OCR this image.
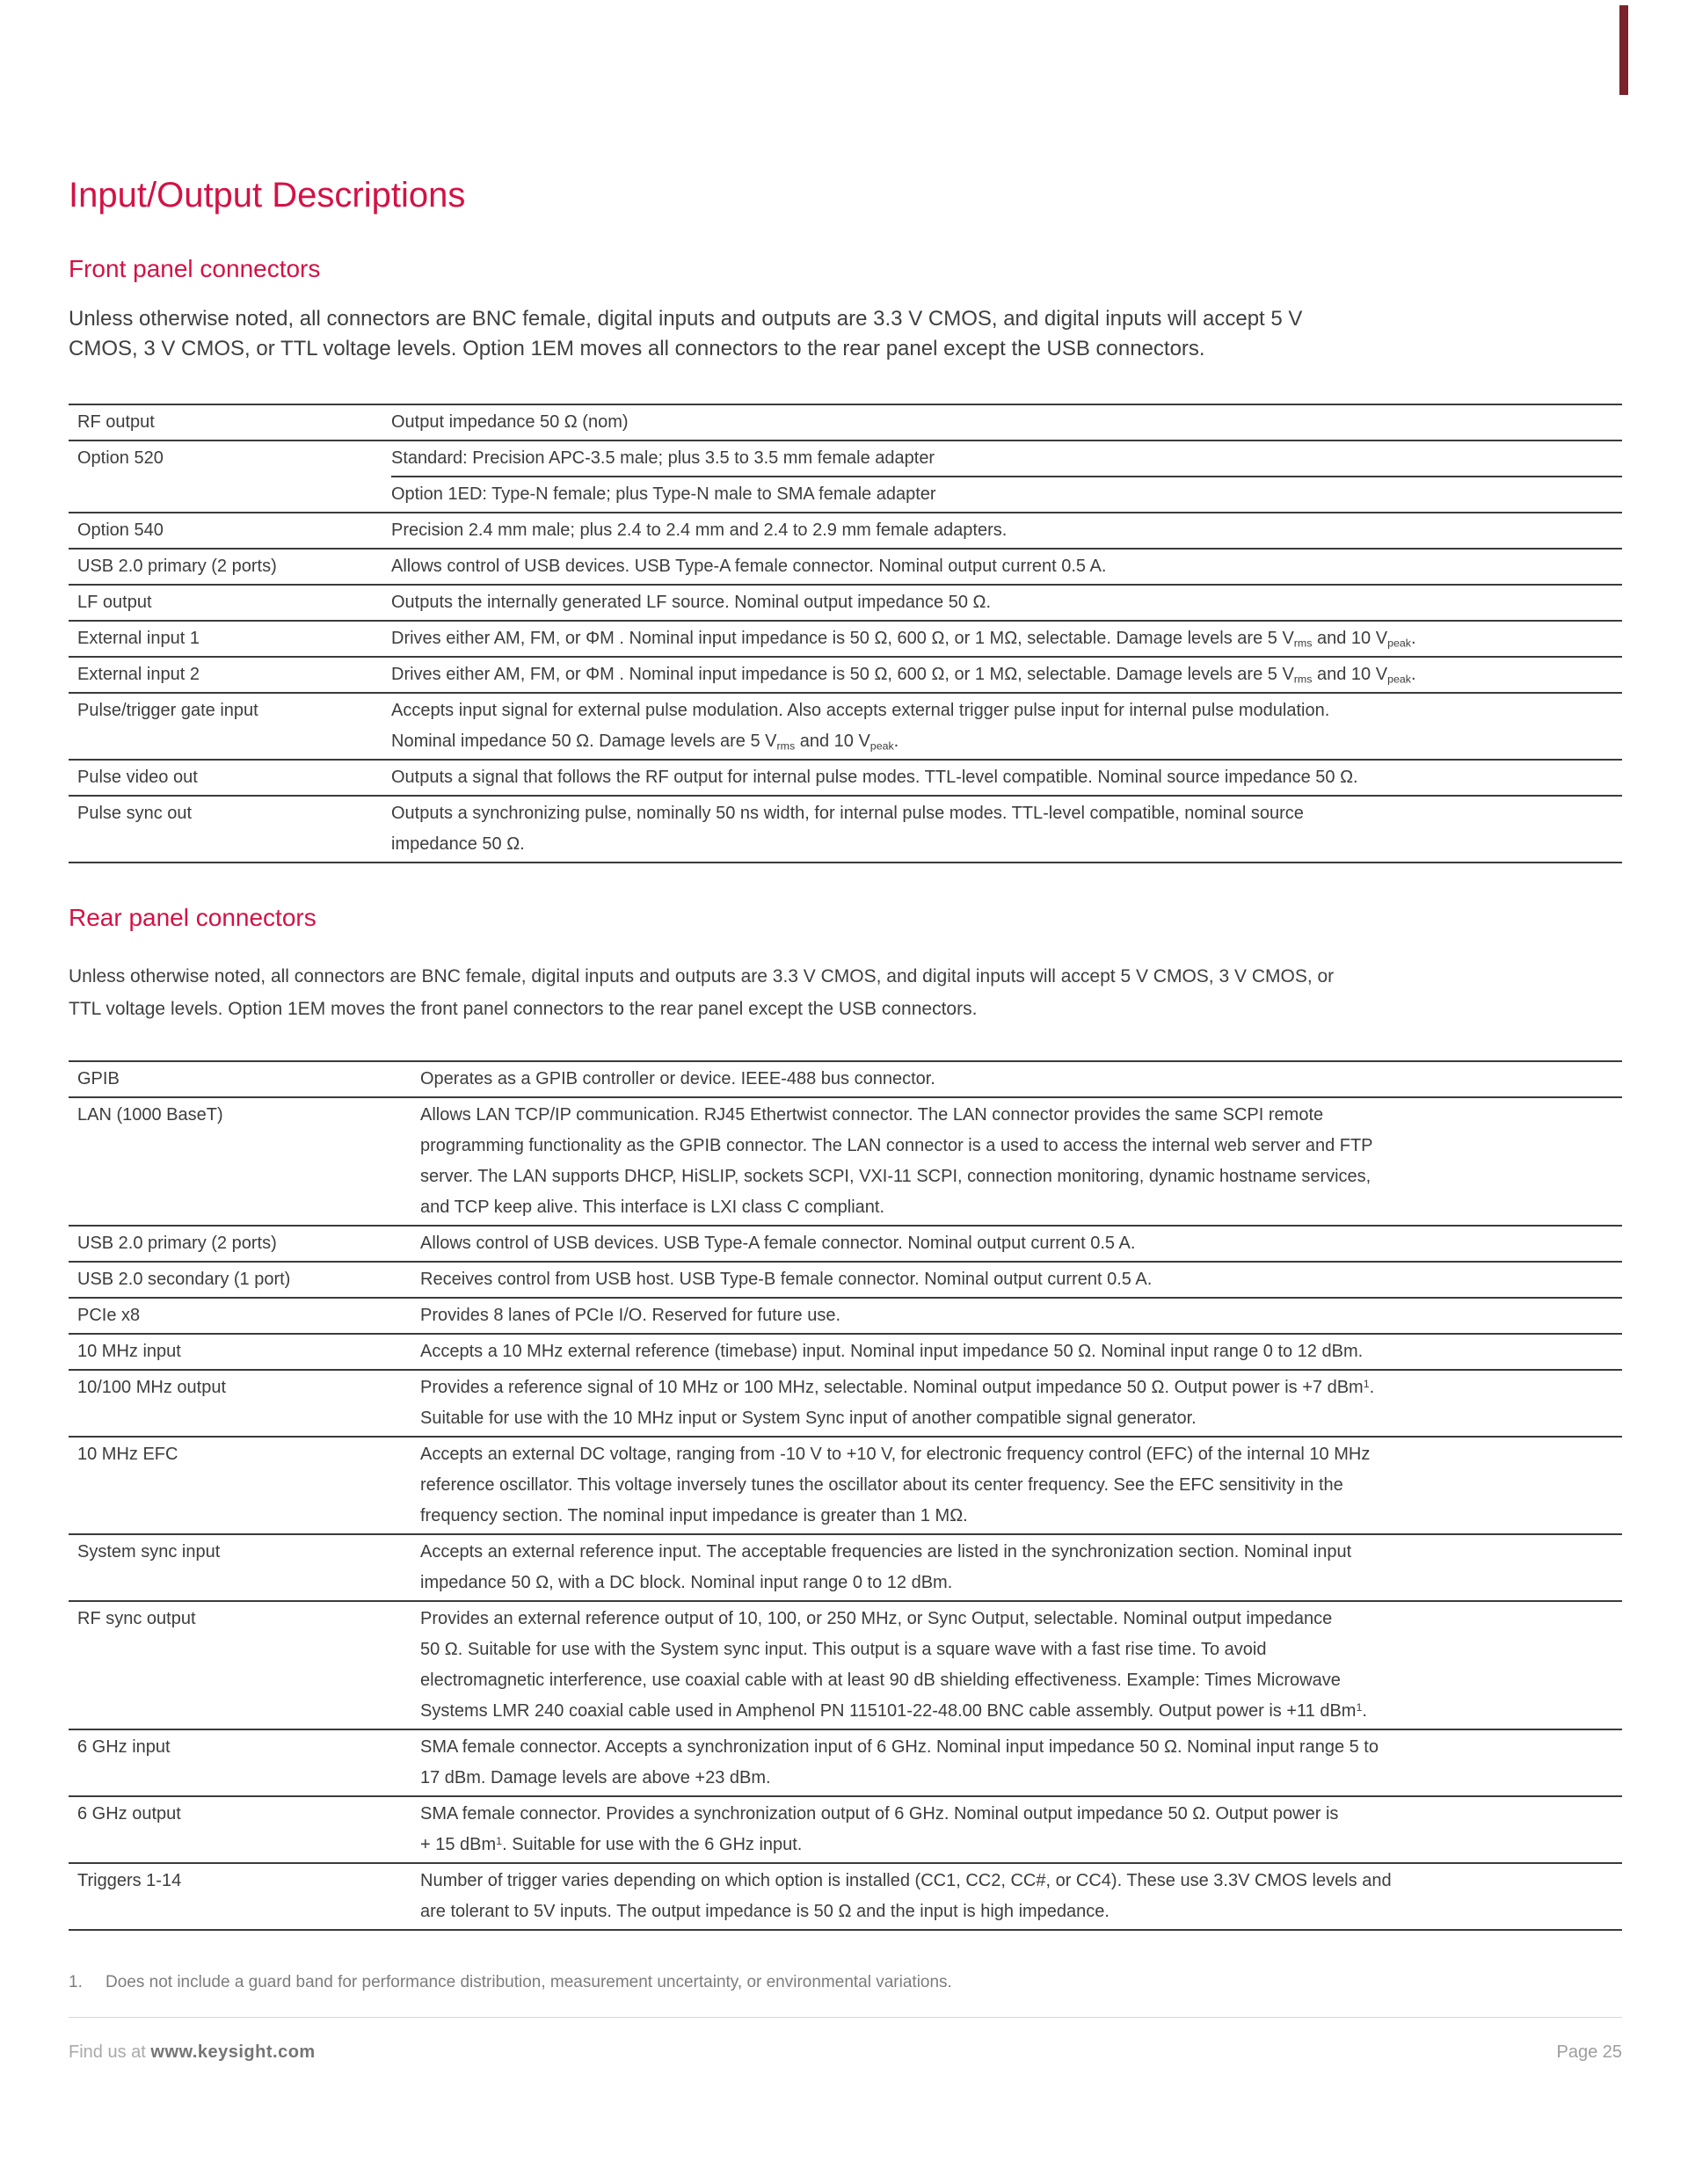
Input/Output Descriptions
Front panel connectors
Unless otherwise noted, all connectors are BNC female, digital inputs and outputs are 3.3 V CMOS, and digital inputs will accept 5 V
CMOS, 3 V CMOS, or TTL voltage levels. Option 1EM moves all connectors to the rear panel except the USB connectors.
RF output	Output impedance 50 Ω (nom)
Option 520	Standard: Precision APC-3.5 male; plus 3.5 to 3.5 mm female adapter
Option 1ED: Type-N female; plus Type-N male to SMA female adapter
Option 540	Precision 2.4 mm male; plus 2.4 to 2.4 mm and 2.4 to 2.9 mm female adapters.
USB 2.0 primary (2 ports)	Allows control of USB devices. USB Type-A female connector. Nominal output current 0.5 A.
LF output	Outputs the internally generated LF source. Nominal output impedance 50 Ω.
External input 1	Drives either AM, FM, or ΦM . Nominal input impedance is 50 Ω, 600 Ω, or 1 MΩ, selectable. Damage levels are 5 $V_{rms}$ and 10 $V_{peak}$.
External input 2	Drives either AM, FM, or ΦM . Nominal input impedance is 50 Ω, 600 Ω, or 1 MΩ, selectable. Damage levels are 5 $V_{rms}$ and 10 $V_{peak}$.
Pulse/trigger gate input	Accepts input signal for external pulse modulation. Also accepts external trigger pulse input for internal pulse modulation.
Nominal impedance 50 Ω. Damage levels are 5 $V_{rms}$ and 10 $V_{peak}$.
Pulse video out	Outputs a signal that follows the RF output for internal pulse modes. TTL-level compatible. Nominal source impedance 50 Ω.
Pulse sync out	Outputs a synchronizing pulse, nominally 50 ns width, for internal pulse modes. TTL-level compatible, nominal source
impedance 50 Ω.
Rear panel connectors
Unless otherwise noted, all connectors are BNC female, digital inputs and outputs are 3.3 V CMOS, and digital inputs will accept 5 V CMOS, 3 V CMOS, or
TTL voltage levels. Option 1EM moves the front panel connectors to the rear panel except the USB connectors.
GPIB	Operates as a GPIB controller or device. IEEE-488 bus connector.
LAN (1000 BaseT)	Allows LAN TCP/IP communication. RJ45 Ethertwist connector. The LAN connector provides the same SCPI remote
programming functionality as the GPIB connector. The LAN connector is a used to access the internal web server and FTP
server. The LAN supports DHCP, HiSLIP, sockets SCPI, VXI-11 SCPI, connection monitoring, dynamic hostname services,
and TCP keep alive. This interface is LXI class C compliant.
USB 2.0 primary (2 ports)	Allows control of USB devices. USB Type-A female connector. Nominal output current 0.5 A.
USB 2.0 secondary (1 port)	Receives control from USB host. USB Type-B female connector. Nominal output current 0.5 A.
PCIe x8	Provides 8 lanes of PCIe I/O. Reserved for future use.
10 MHz input	Accepts a 10 MHz external reference (timebase) input. Nominal input impedance 50 Ω. Nominal input range 0 to 12 dBm.
10/100 MHz output	Provides a reference signal of 10 MHz or 100 MHz, selectable. Nominal output impedance 50 Ω. Output power is +7 dBm$^1$.
Suitable for use with the 10 MHz input or System Sync input of another compatible signal generator.
10 MHz EFC	Accepts an external DC voltage, ranging from -10 V to +10 V, for electronic frequency control (EFC) of the internal 10 MHz
reference oscillator. This voltage inversely tunes the oscillator about its center frequency. See the EFC sensitivity in the
frequency section. The nominal input impedance is greater than 1 MΩ.
System sync input	Accepts an external reference input. The acceptable frequencies are listed in the synchronization section. Nominal input
impedance 50 Ω, with a DC block. Nominal input range 0 to 12 dBm.
RF sync output	Provides an external reference output of 10, 100, or 250 MHz, or Sync Output, selectable. Nominal output impedance
50 Ω. Suitable for use with the System sync input. This output is a square wave with a fast rise time. To avoid
electromagnetic interference, use coaxial cable with at least 90 dB shielding effectiveness. Example: Times Microwave
Systems LMR 240 coaxial cable used in Amphenol PN 115101-22-48.00 BNC cable assembly. Output power is +11 dBm$^1$.
6 GHz input	SMA female connector. Accepts a synchronization input of 6 GHz. Nominal input impedance 50 Ω. Nominal input range 5 to
17 dBm. Damage levels are above +23 dBm.
6 GHz output	SMA female connector. Provides a synchronization output of 6 GHz. Nominal output impedance 50 Ω. Output power is
+ 15 dBm$^1$. Suitable for use with the 6 GHz input.
Triggers 1-14	Number of trigger varies depending on which option is installed (CC1, CC2, CC#, or CC4). These use 3.3V CMOS levels and
are tolerant to 5V inputs. The output impedance is 50 Ω and the input is high impedance.
1.	Does not include a guard band for performance distribution, measurement uncertainty, or environmental variations.
Find us at www.keysight.com	Page 25
